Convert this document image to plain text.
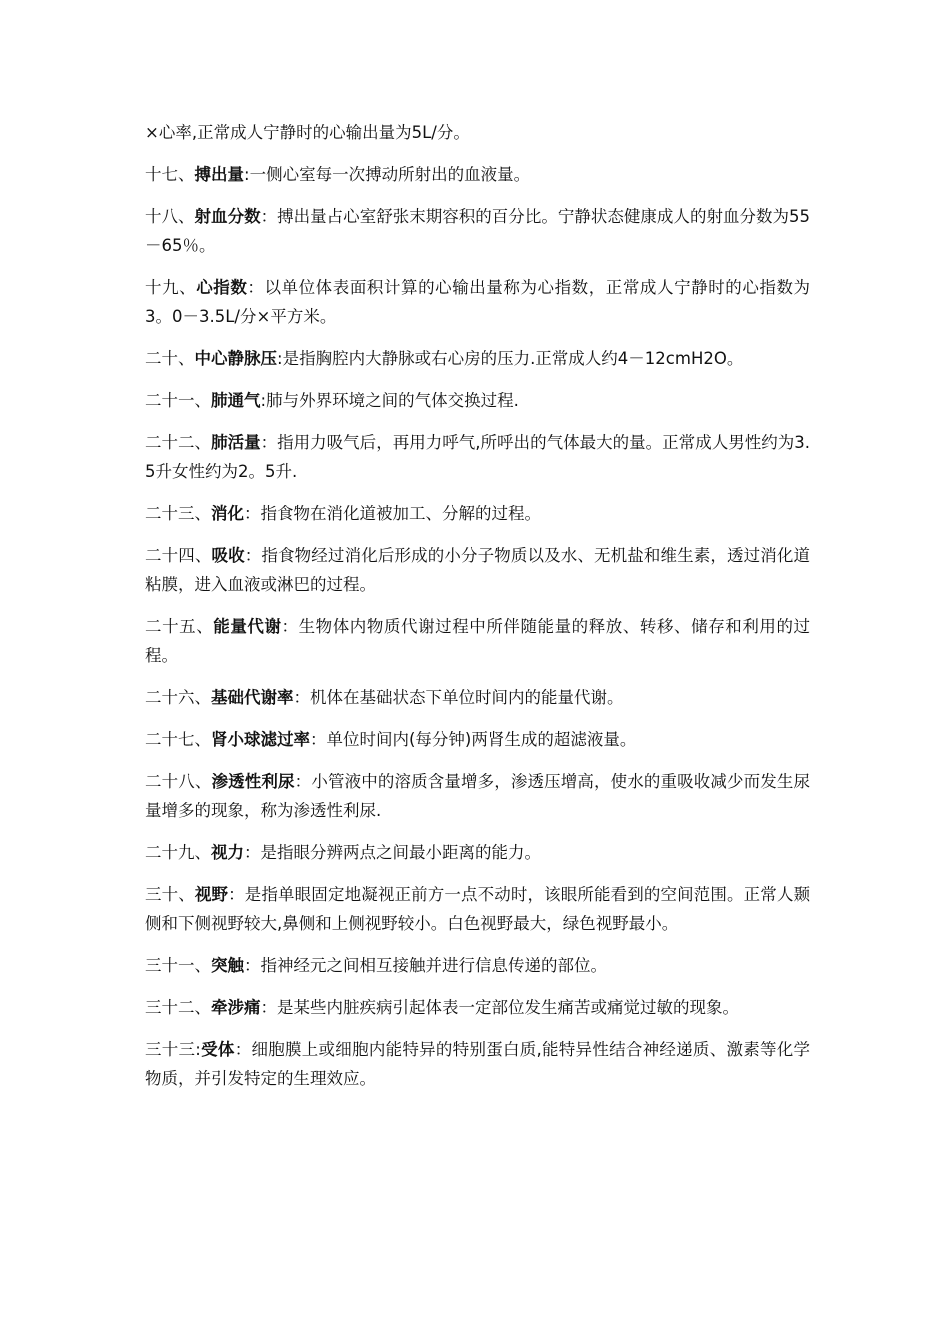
×心率,正常成人宁静时的心输出量为5L/分。

十七、搏出量:一侧心室每一次搏动所射出的血液量。

十八、射血分数：搏出量占心室舒张末期容积的百分比。宁静状态健康成人的射血分数为55－65％。

十九、心指数：以单位体表面积计算的心输出量称为心指数，正常成人宁静时的心指数为3。0－3.5L/分×平方米。

二十、中心静脉压:是指胸腔内大静脉或右心房的压力.正常成人约4－12cmH2O。

二十一、肺通气:肺与外界环境之间的气体交换过程.

二十二、肺活量：指用力吸气后，再用力呼气,所呼出的气体最大的量。正常成人男性约为3.5升女性约为2。5升.

二十三、消化：指食物在消化道被加工、分解的过程。

二十四、吸收：指食物经过消化后形成的小分子物质以及水、无机盐和维生素，透过消化道粘膜，进入血液或淋巴的过程。

二十五、能量代谢：生物体内物质代谢过程中所伴随能量的释放、转移、储存和利用的过程。

二十六、基础代谢率：机体在基础状态下单位时间内的能量代谢。

二十七、肾小球滤过率：单位时间内(每分钟)两肾生成的超滤液量。

二十八、渗透性利尿：小管液中的溶质含量增多，渗透压增高，使水的重吸收减少而发生尿量增多的现象，称为渗透性利尿.

二十九、视力：是指眼分辨两点之间最小距离的能力。

三十、视野：是指单眼固定地凝视正前方一点不动时，该眼所能看到的空间范围。正常人颞侧和下侧视野较大,鼻侧和上侧视野较小。白色视野最大，绿色视野最小。

三十一、突触：指神经元之间相互接触并进行信息传递的部位。

三十二、牵涉痛：是某些内脏疾病引起体表一定部位发生痛苦或痛觉过敏的现象。

三十三:受体：细胞膜上或细胞内能特异的特别蛋白质,能特异性结合神经递质、激素等化学物质，并引发特定的生理效应。
